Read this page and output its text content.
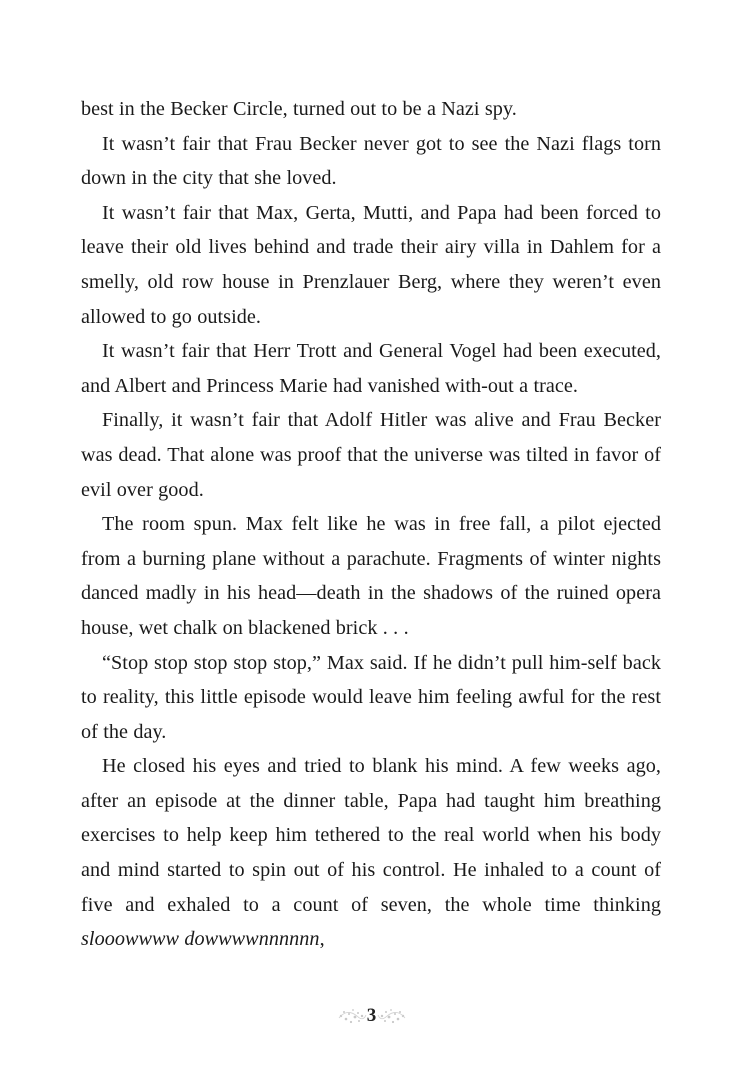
best in the Becker Circle, turned out to be a Nazi spy.

It wasn’t fair that Frau Becker never got to see the Nazi flags torn down in the city that she loved.

It wasn’t fair that Max, Gerta, Mutti, and Papa had been forced to leave their old lives behind and trade their airy villa in Dahlem for a smelly, old row house in Prenzlauer Berg, where they weren’t even allowed to go outside.

It wasn’t fair that Herr Trott and General Vogel had been executed, and Albert and Princess Marie had vanished with-out a trace.

Finally, it wasn’t fair that Adolf Hitler was alive and Frau Becker was dead. That alone was proof that the universe was tilted in favor of evil over good.

The room spun. Max felt like he was in free fall, a pilot ejected from a burning plane without a parachute. Fragments of winter nights danced madly in his head—death in the shadows of the ruined opera house, wet chalk on blackened brick . . .

“Stop stop stop stop stop,” Max said. If he didn’t pull him-self back to reality, this little episode would leave him feeling awful for the rest of the day.

He closed his eyes and tried to blank his mind. A few weeks ago, after an episode at the dinner table, Papa had taught him breathing exercises to help keep him tethered to the real world when his body and mind started to spin out of his control. He inhaled to a count of five and exhaled to a count of seven, the whole time thinking slooowwww dowwwwnnnnnn,

3
